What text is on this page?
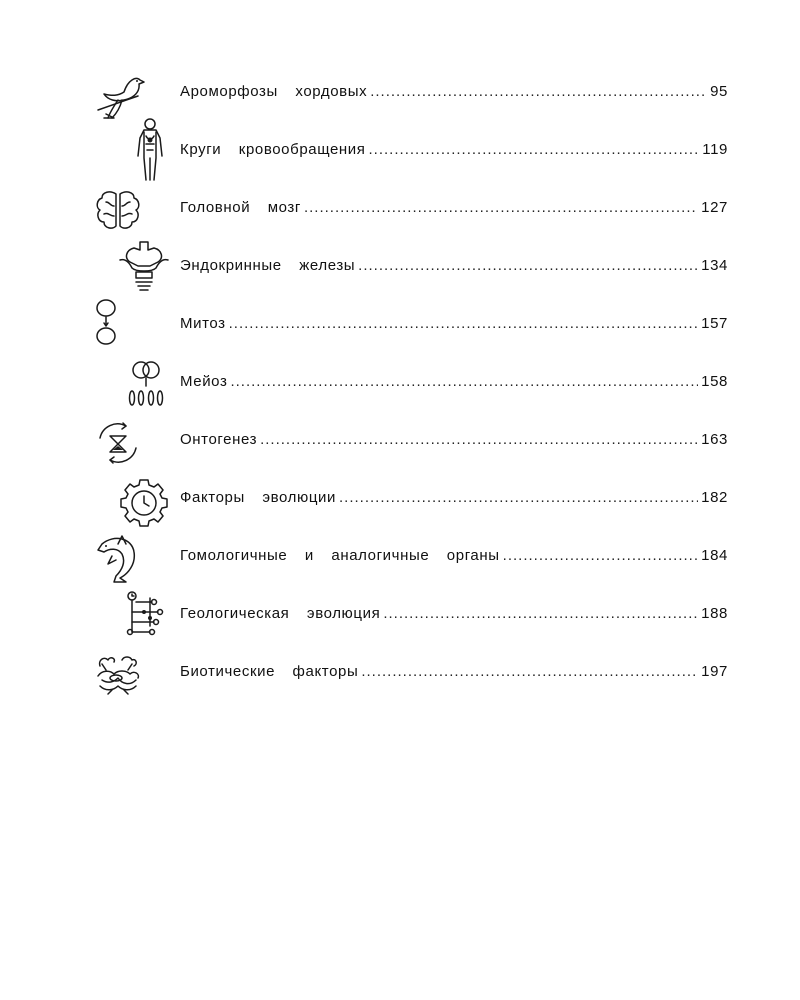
Ароморфозы  хордовых .....	95
Круги  кровообращения .....	119
Головной  мозг .....	127
Эндокринные  железы .....	134
Митоз .....	157
Мейоз .....	158
Онтогенез .....	163
Факторы  эволюции .....	182
Гомологичные  и  аналогичные  органы .....	184
Геологическая  эволюция .....	188
Биотические  факторы .....	197
